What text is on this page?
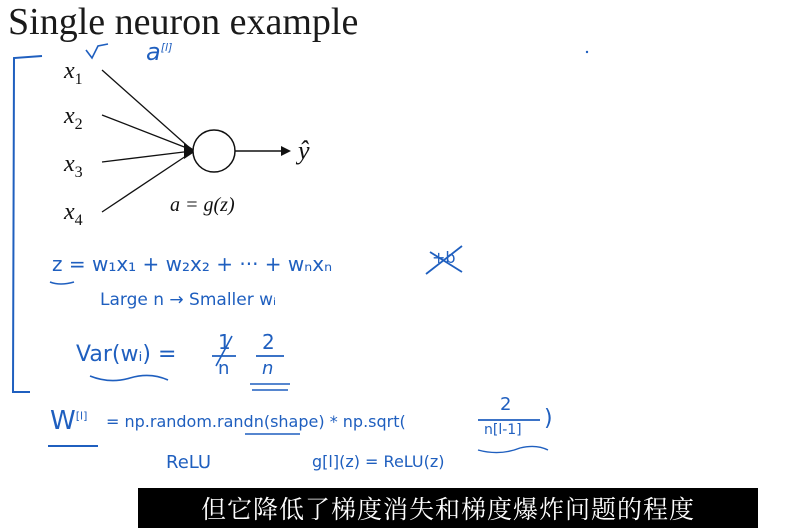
Single neuron example
$x_1$
$x_2$
$x_3$
$x_4$
ŷ
a = g(z)
a[l]
z = w₁x₁ + w₂x₂ + ··· + wₙxₙ	+b
Large n → Smaller wᵢ
Var(wᵢ) = 1
n
2
n
W[l] = np.random.randn(shape) * np.sqrt(
2
n[l-1] )
ReLU	g[l](z) = ReLU(z)
但它降低了梯度消失和梯度爆炸问题的程度
